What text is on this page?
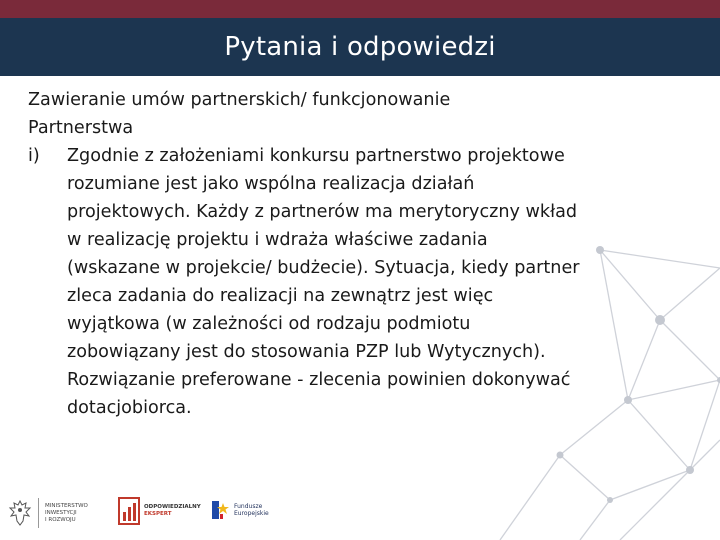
Pytania i odpowiedzi
Zawieranie umów partnerskich/ funkcjonowanie
Partnerstwa
i) Zgodnie z założeniami konkursu partnerstwo projektowe
rozumiane jest jako wspólna realizacja działań
projektowych. Każdy z partnerów ma merytoryczny wkład
w realizację projektu i wdraża właściwe zadania
(wskazane w projekcie/ budżecie). Sytuacja, kiedy partner
zleca zadania do realizacji na zewnątrz jest więc
wyjątkowa (w zależności od rodzaju podmiotu
zobowiązany jest do stosowania PZP lub Wytycznych).
Rozwiązanie preferowane - zlecenia powinien dokonywać
dotacjobiorca.
MINISTERSTWO
INWESTYCJI
I ROZWOJU
ODPOWIEDZIALNY
EKSPERT
Fundusze
Europejskie
